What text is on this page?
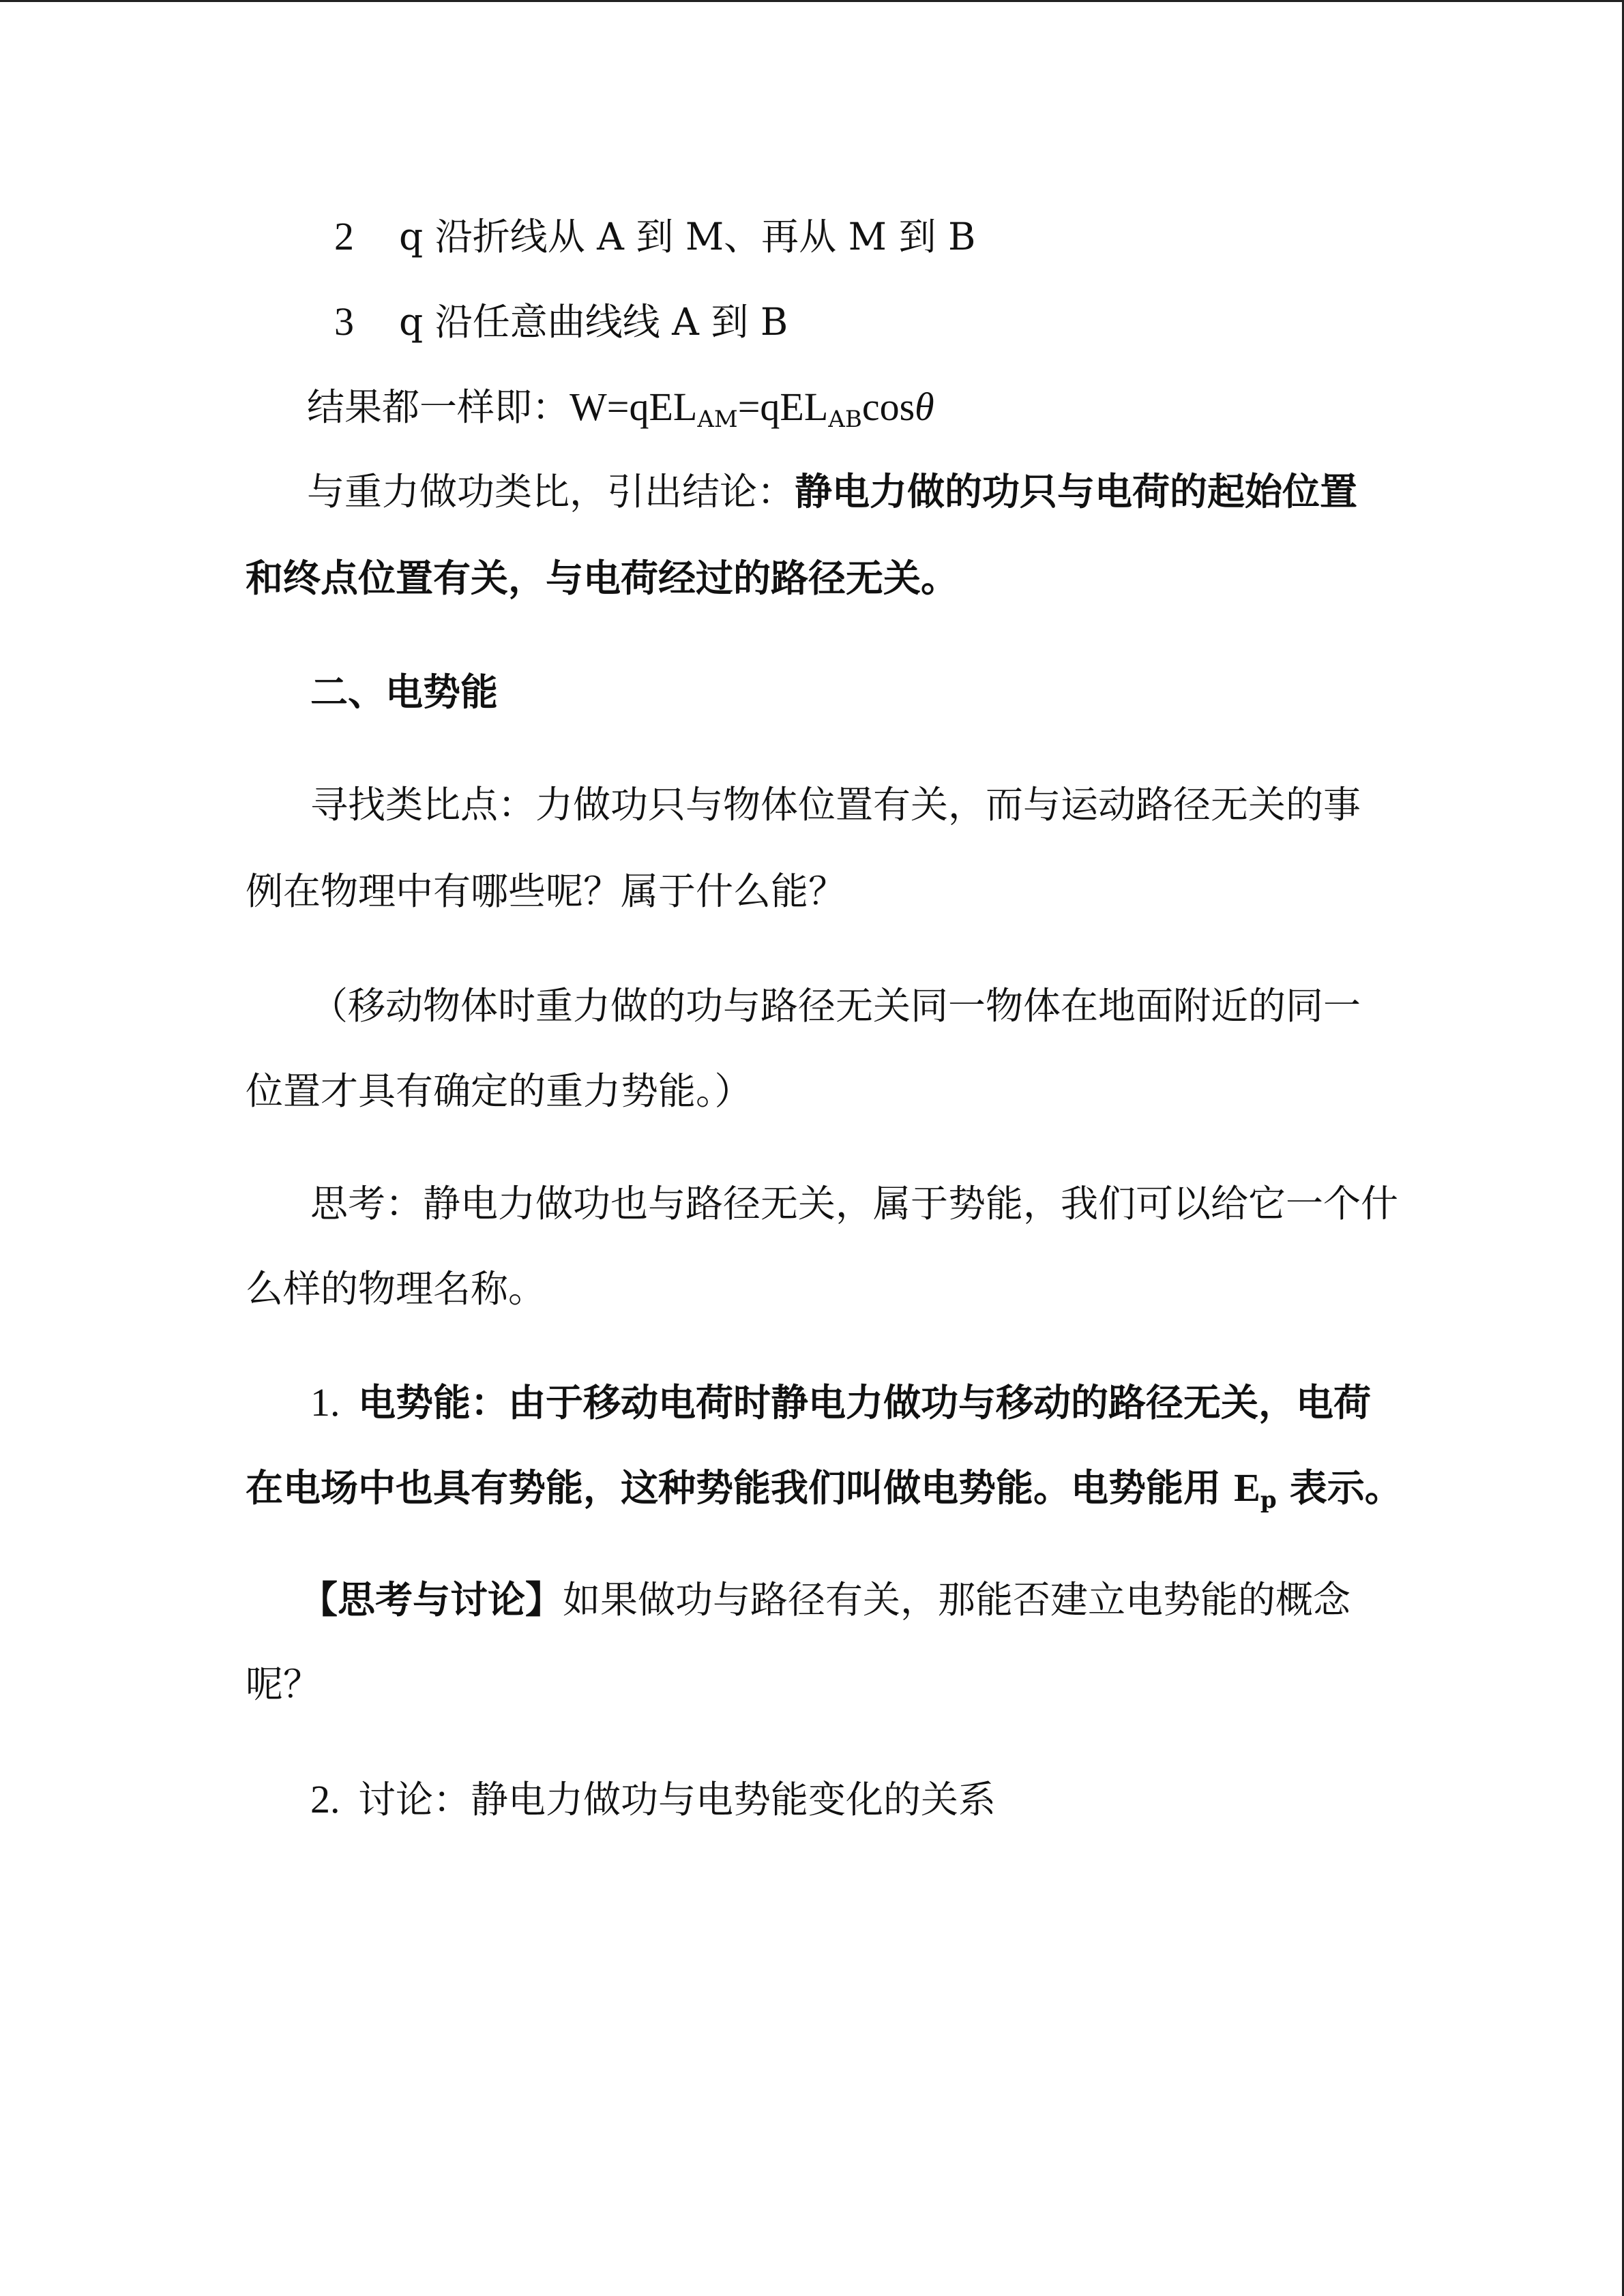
2 q 沿折线从 A 到 M、再从 M 到 B
3 q 沿任意曲线线 A 到 B
结果都一样即：W=qEL$_{AM}$=qEL$_{AB}$cosθ
与重力做功类比，引出结论：静电力做的功只与电荷的起始位置
和终点位置有关，与电荷经过的路径无关。
二、电势能
寻找类比点：力做功只与物体位置有关，而与运动路径无关的事
例在物理中有哪些呢？属于什么能？
（移动物体时重力做的功与路径无关同一物体在地面附近的同一
位置才具有确定的重力势能。）
思考：静电力做功也与路径无关，属于势能，我们可以给它一个什
么样的物理名称。
1. 电势能：由于移动电荷时静电力做功与移动的路径无关，电荷
在电场中也具有势能，这种势能我们叫做电势能。电势能用 $E_p$ 表示。
【思考与讨论】如果做功与路径有关，那能否建立电势能的概念
呢？
2. 讨论：静电力做功与电势能变化的关系
